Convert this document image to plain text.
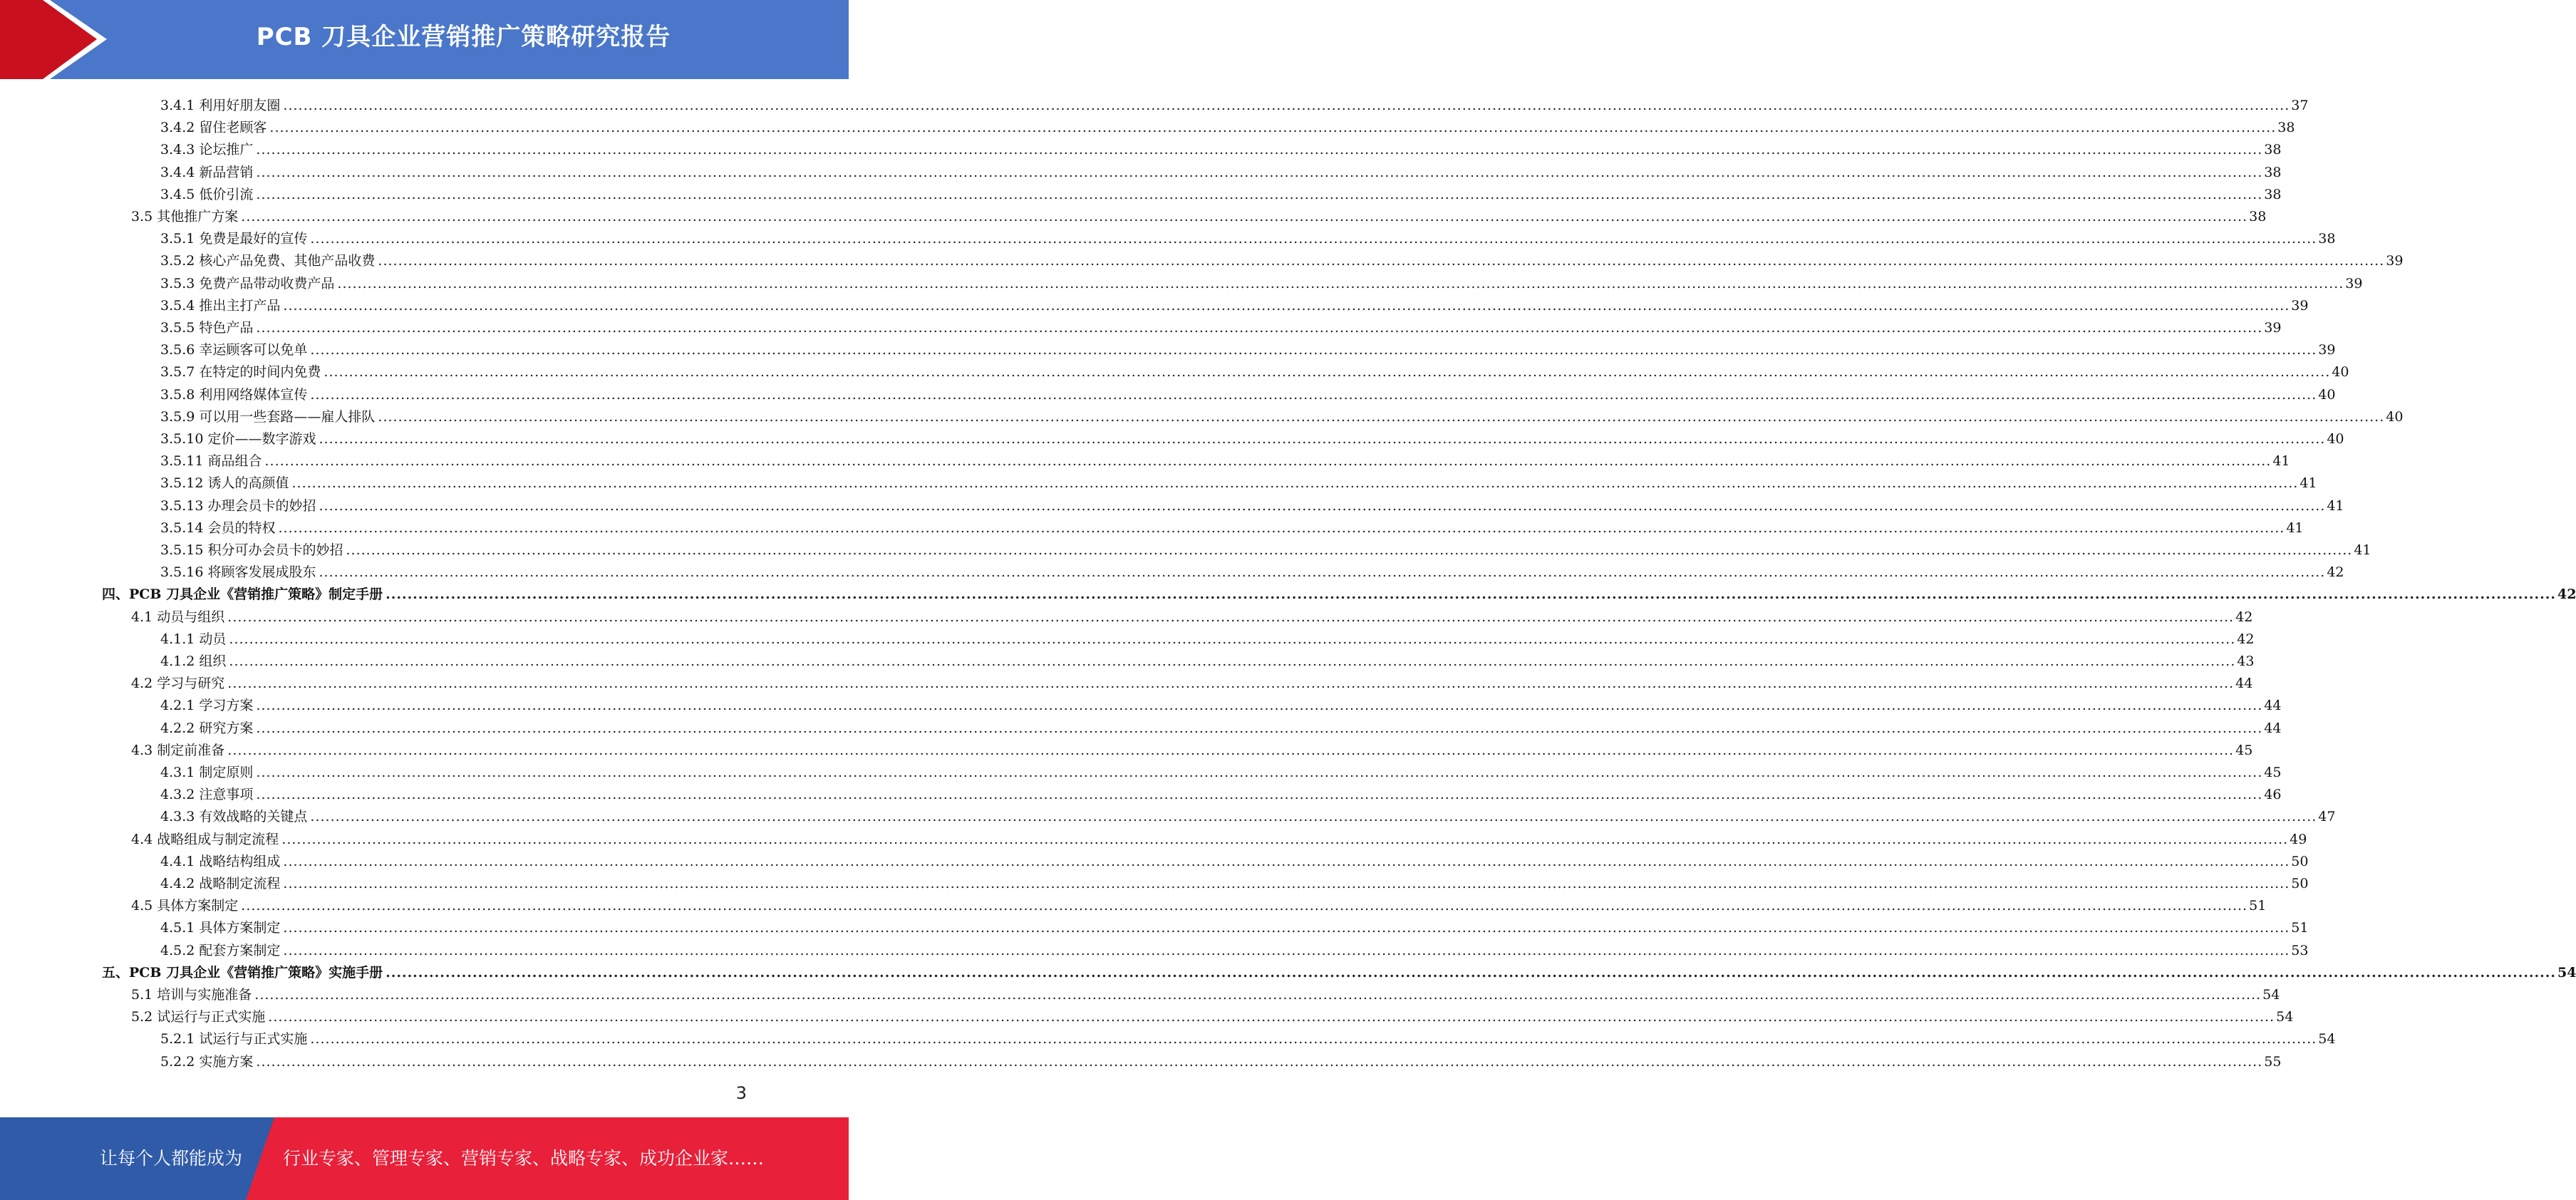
PCB 刀具企业营销推广策略研究报告
3.4.1
利用好朋友圈 ................................................................................................................................................................................................................................................................................................................................................................................................................ 37
3.4.2
留住老顾客 ................................................................................................................................................................................................................................................................................................................................................................................................................ 38
3.4.3
论坛推广 ................................................................................................................................................................................................................................................................................................................................................................................................................ 38
3.4.4
新品营销 ................................................................................................................................................................................................................................................................................................................................................................................................................ 38
3.4.5
低价引流 ................................................................................................................................................................................................................................................................................................................................................................................................................ 38
3.5
其他推广方案 ................................................................................................................................................................................................................................................................................................................................................................................................................ 38
3.5.1
免费是最好的宣传 ................................................................................................................................................................................................................................................................................................................................................................................................................ 38
3.5.2
核心产品免费、其他产品收费 ................................................................................................................................................................................................................................................................................................................................................................................................................ 39
3.5.3
免费产品带动收费产品 ................................................................................................................................................................................................................................................................................................................................................................................................................ 39
3.5.4
推出主打产品 ................................................................................................................................................................................................................................................................................................................................................................................................................ 39
3.5.5
特色产品 ................................................................................................................................................................................................................................................................................................................................................................................................................ 39
3.5.6
幸运顾客可以免单 ................................................................................................................................................................................................................................................................................................................................................................................................................ 39
3.5.7
在特定的时间内免费 ................................................................................................................................................................................................................................................................................................................................................................................................................ 40
3.5.8
利用网络媒体宣传 ................................................................................................................................................................................................................................................................................................................................................................................................................ 40
3.5.9
可以用一些套路——雇人排队 ................................................................................................................................................................................................................................................................................................................................................................................................................ 40
3.5.10
定价——数字游戏 ................................................................................................................................................................................................................................................................................................................................................................................................................ 40
3.5.11
商品组合 ................................................................................................................................................................................................................................................................................................................................................................................................................ 41
3.5.12
诱人的高颜值 ................................................................................................................................................................................................................................................................................................................................................................................................................ 41
3.5.13
办理会员卡的妙招 ................................................................................................................................................................................................................................................................................................................................................................................................................ 41
3.5.14
会员的特权 ................................................................................................................................................................................................................................................................................................................................................................................................................ 41
3.5.15
积分可办会员卡的妙招 ................................................................................................................................................................................................................................................................................................................................................................................................................ 41
3.5.16
将顾客发展成股东 ................................................................................................................................................................................................................................................................................................................................................................................................................ 42
四、 PCB 刀具企业《营销推广策略》制定手册 ................................................................................................................................................................................................................................................................................................................................................................................................................ 42
4.1
动员与组织 ................................................................................................................................................................................................................................................................................................................................................................................................................ 42
4.1.1
动员 ................................................................................................................................................................................................................................................................................................................................................................................................................ 42
4.1.2
组织 ................................................................................................................................................................................................................................................................................................................................................................................................................ 43
4.2
学习与研究 ................................................................................................................................................................................................................................................................................................................................................................................................................ 44
4.2.1
学习方案 ................................................................................................................................................................................................................................................................................................................................................................................................................ 44
4.2.2
研究方案 ................................................................................................................................................................................................................................................................................................................................................................................................................ 44
4.3
制定前准备 ................................................................................................................................................................................................................................................................................................................................................................................................................ 45
4.3.1
制定原则 ................................................................................................................................................................................................................................................................................................................................................................................................................ 45
4.3.2
注意事项 ................................................................................................................................................................................................................................................................................................................................................................................................................ 46
4.3.3
有效战略的关键点 ................................................................................................................................................................................................................................................................................................................................................................................................................ 47
4.4
战略组成与制定流程 ................................................................................................................................................................................................................................................................................................................................................................................................................ 49
4.4.1
战略结构组成 ................................................................................................................................................................................................................................................................................................................................................................................................................ 50
4.4.2
战略制定流程 ................................................................................................................................................................................................................................................................................................................................................................................................................ 50
4.5
具体方案制定 ................................................................................................................................................................................................................................................................................................................................................................................................................ 51
4.5.1
具体方案制定 ................................................................................................................................................................................................................................................................................................................................................................................................................ 51
4.5.2
配套方案制定 ................................................................................................................................................................................................................................................................................................................................................................................................................ 53
五、 PCB 刀具企业《营销推广策略》实施手册 ................................................................................................................................................................................................................................................................................................................................................................................................................ 54
5.1
培训与实施准备 ................................................................................................................................................................................................................................................................................................................................................................................................................ 54
5.2
试运行与正式实施 ................................................................................................................................................................................................................................................................................................................................................................................................................ 54
5.2.1
试运行与正式实施 ................................................................................................................................................................................................................................................................................................................................................................................................................ 54
5.2.2
实施方案 ................................................................................................................................................................................................................................................................................................................................................................................................................ 55
3
让每个人都能成为 行业专家、管理专家、营销专家、战略专家、成功企业家……
